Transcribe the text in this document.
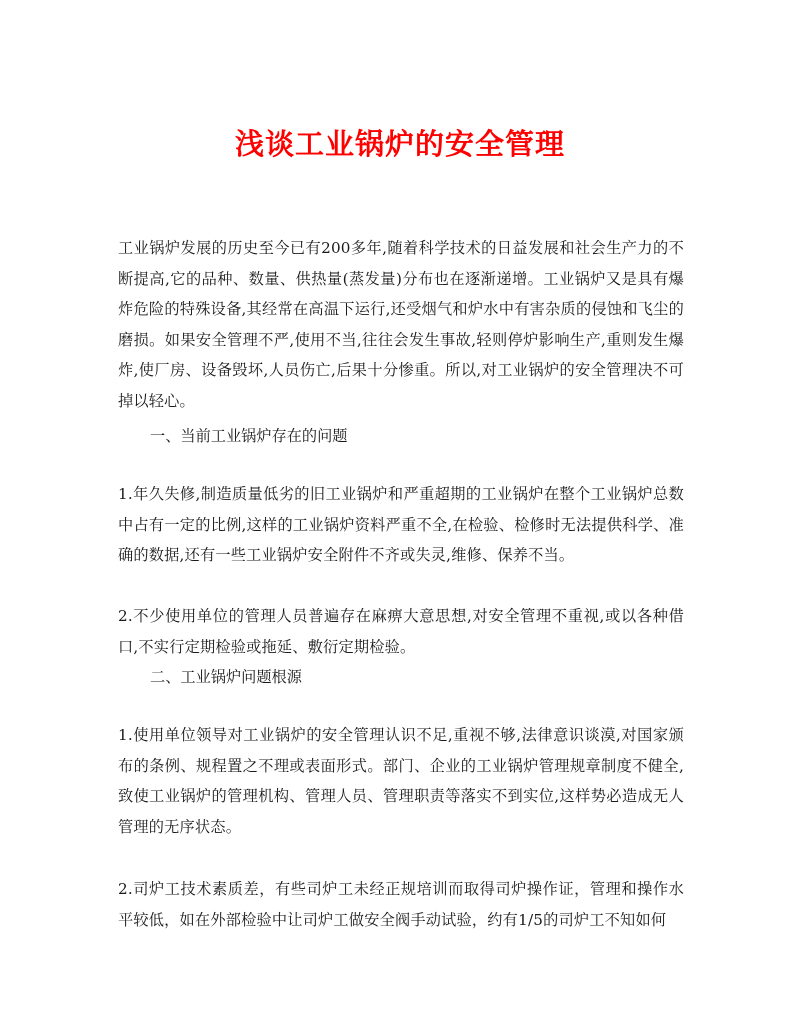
浅谈工业锅炉的安全管理

工业锅炉发展的历史至今已有200多年,随着科学技术的日益发展和社会生产力的不断提高,它的品种、数量、供热量(蒸发量)分布也在逐渐递增。工业锅炉又是具有爆炸危险的特殊设备,其经常在高温下运行,还受烟气和炉水中有害杂质的侵蚀和飞尘的磨损。如果安全管理不严,使用不当,往往会发生事故,轻则停炉影响生产,重则发生爆炸,使厂房、设备毁坏,人员伤亡,后果十分惨重。所以,对工业锅炉的安全管理决不可掉以轻心。

一、当前工业锅炉存在的问题

1.年久失修,制造质量低劣的旧工业锅炉和严重超期的工业锅炉在整个工业锅炉总数中占有一定的比例,这样的工业锅炉资料严重不全,在检验、检修时无法提供科学、准确的数据,还有一些工业锅炉安全附件不齐或失灵,维修、保养不当。

2.不少使用单位的管理人员普遍存在麻痹大意思想,对安全管理不重视,或以各种借口,不实行定期检验或拖延、敷衍定期检验。

二、工业锅炉问题根源

1.使用单位领导对工业锅炉的安全管理认识不足,重视不够,法律意识谈漠,对国家颁布的条例、规程置之不理或表面形式。部门、企业的工业锅炉管理规章制度不健全,致使工业锅炉的管理机构、管理人员、管理职责等落实不到实位,这样势必造成无人管理的无序状态。

2.司炉工技术素质差，有些司炉工未经正规培训而取得司炉操作证，管理和操作水平较低，如在外部检验中让司炉工做安全阀手动试验，约有1/5的司炉工不知如何
